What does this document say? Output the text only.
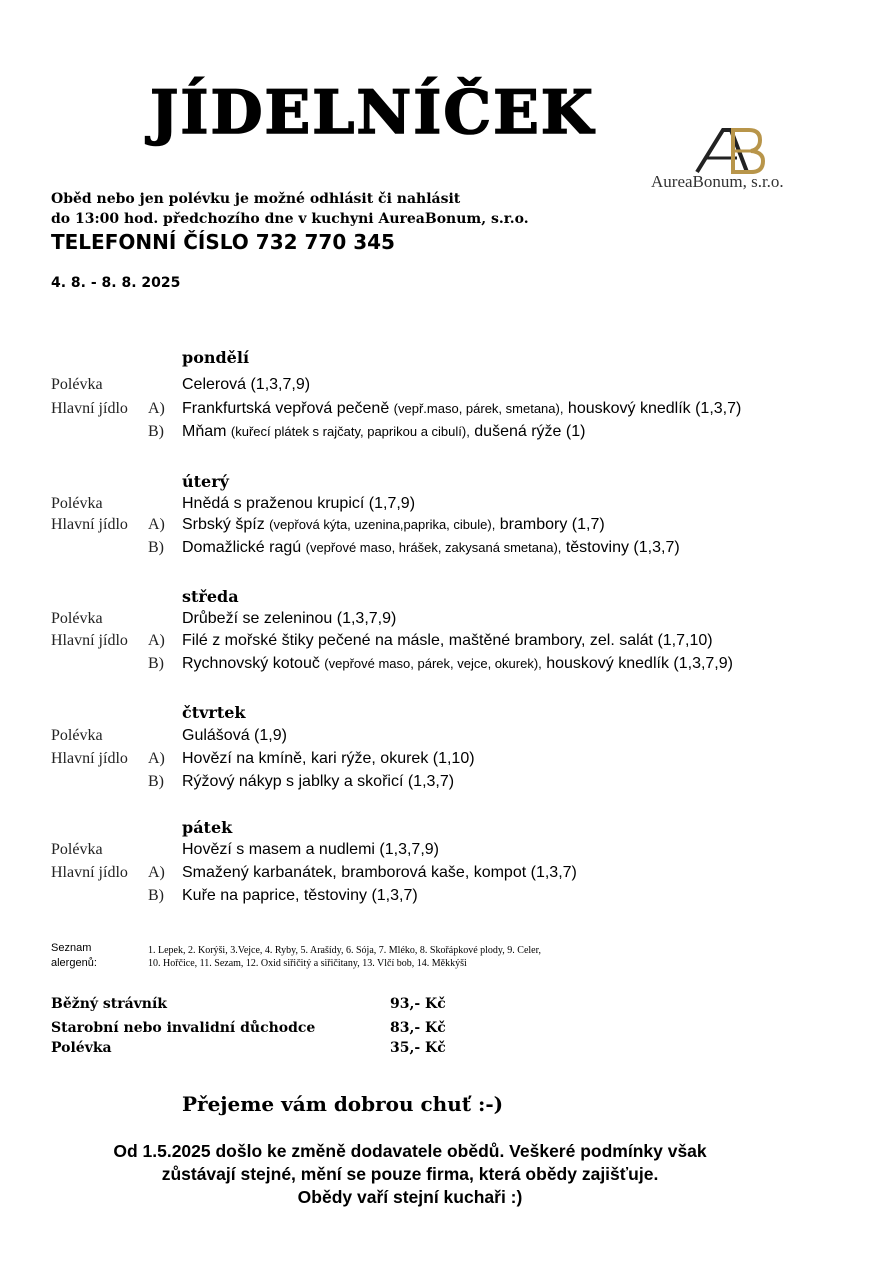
JÍDELNÍČEK
AureaBonum, s.r.o.
Oběd nebo jen polévku je možné odhlásit či nahlásit
do 13:00 hod. předchozího dne v kuchyni AureaBonum, s.r.o.
TELEFONNÍ ČÍSLO 732 770 345
4. 8. - 8. 8. 2025
pondělí
Polévka	Celerová (1,3,7,9)
Hlavní jídlo A) Frankfurtská vepřová pečeně (vepř.maso, párek, smetana), houskový knedlík (1,3,7)
B) Mňam (kuřecí plátek s rajčaty, paprikou a cibulí), dušená rýže (1)
úterý
Polévka	Hnědá s praženou krupicí (1,7,9)
Hlavní jídlo A) Srbský špíz (vepřová kýta, uzenina,paprika, cibule), brambory (1,7)
B) Domažlické ragú (vepřové maso, hrášek, zakysaná smetana), těstoviny (1,3,7)
středa
Polévka	Drůbeží se zeleninou (1,3,7,9)
Hlavní jídlo A) Filé z mořské štiky pečené na másle, maštěné brambory, zel. salát (1,7,10)
B) Rychnovský kotouč (vepřové maso, párek, vejce, okurek), houskový knedlík (1,3,7,9)
čtvrtek
Polévka	Gulášová (1,9)
Hlavní jídlo A) Hovězí na kmíně, kari rýže, okurek (1,10)
B) Rýžový nákyp s jablky a skořicí (1,3,7)
pátek
Polévka	Hovězí s masem a nudlemi (1,3,7,9)
Hlavní jídlo A) Smažený karbanátek, bramborová kaše, kompot (1,3,7)
B) Kuře na paprice, těstoviny (1,3,7)
Seznam
alergenů:
1. Lepek, 2. Korýši, 3.Vejce, 4. Ryby, 5. Arašídy, 6. Sója, 7. Mléko, 8. Skořápkové plody, 9. Celer,
10. Hořčice, 11. Sezam, 12. Oxid siřičitý a siřičitany, 13. Vlčí bob, 14. Měkkýši
Běžný strávník	93,- Kč
Starobní nebo invalidní důchodce	83,- Kč
Polévka	35,- Kč
Přejeme vám dobrou chuť :-)
Od 1.5.2025 došlo ke změně dodavatele obědů. Veškeré podmínky však
zůstávají stejné, mění se pouze firma, která obědy zajišťuje.
Obědy vaří stejní kuchaři :)
